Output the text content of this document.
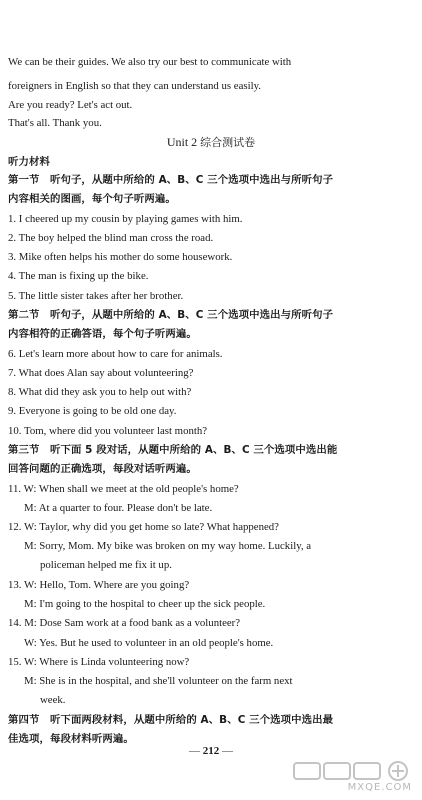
We can be their guides. We also try our best to communicate with
foreigners in English so that they can understand us easily.
Are you ready? Let's act out.
That's all. Thank you.
Unit 2 综合测试卷
听力材料
第一节　听句子，从题中所给的 A、B、C 三个选项中选出与所听句子
内容相关的图画，每个句子听两遍。
1. I cheered up my cousin by playing games with him.
2. The boy helped the blind man cross the road.
3. Mike often helps his mother do some housework.
4. The man is fixing up the bike.
5. The little sister takes after her brother.
第二节　听句子，从题中所给的 A、B、C 三个选项中选出与所听句子
内容相符的正确答语，每个句子听两遍。
6. Let's learn more about how to care for animals.
7. What does Alan say about volunteering?
8. What did they ask you to help out with?
9. Everyone is going to be old one day.
10. Tom, where did you volunteer last month?
第三节　听下面 5 段对话，从题中所给的 A、B、C 三个选项中选出能
回答问题的正确选项，每段对话听两遍。
11. W: When shall we meet at the old people's home?
M: At a quarter to four. Please don't be late.
12. W: Taylor, why did you get home so late? What happened?
M: Sorry, Mom. My bike was broken on my way home. Luckily, a
policeman helped me fix it up.
13. W: Hello, Tom. Where are you going?
M: I'm going to the hospital to cheer up the sick people.
14. M: Dose Sam work at a food bank as a volunteer?
W: Yes. But he used to volunteer in an old people's home.
15. W: Where is Linda volunteering now?
M: She is in the hospital, and she'll volunteer on the farm next
week.
第四节　听下面两段材料，从题中所给的 A、B、C 三个选项中选出最
佳选项，每段材料听两遍。
— 212 —
MXQE.COM
